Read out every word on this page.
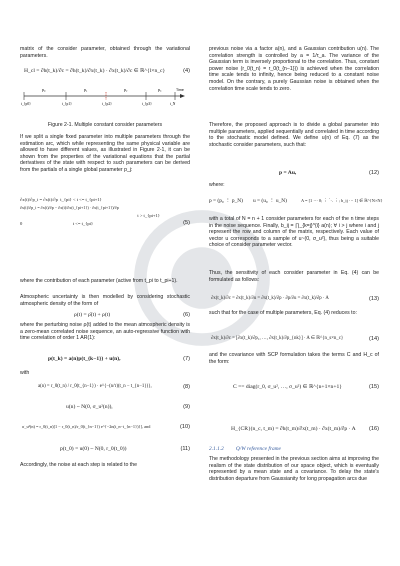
matrix of the consider parameter, obtained through the variational parameters.
H_cl = ∂h(t_k)/∂c = ∂h(t_k)/∂x(t_k) · ∂x(t_k)/∂c ∈ ℝ^{l×n_c}	(4)
p₀	p₁	p₂	p₃
t_{p0}	t_{p1}	t_{p2}	t_{p3}	t_N
Time
Figure 2-1. Multiple constant consider parameters
If we split a single fixed parameter into multiple parameters through the estimation arc, which while representing the same physical variable are allowed to have different values, as illustrated in Figure 2-1, it can be shown from the properties of the variational equations that the partial derivatives of the state with respect to such parameters can be derived from the partials of a single global parameter p_j:
∂x(t)/∂p_i = ∂x(t)/∂p t_{pi} < t <= t_{pi+1}
∂x(t)/∂p_i = ∂x(t)/∂p − ∂x(t)/∂x(t_{pi+1}) · ∂x(t_{pi+1})/∂p
t > t_{pi+1}
0	t <= t_{pi}	(5)
where the contribution of each parameter (active from t_pi to t_pi+1).
Atmospheric uncertainty is then modelled by considering stochastic atmospheric density of the form of
ρ(t) = ρ̄(t) + ρ(t)	(6)
where the perturbing noise ρ(t) added to the mean atmospheric density is a zero-mean correlated noise sequence, an auto-regressive function with time correlation of order 1 AR(1):
p(t_k) = a(n)p(t_{k−1}) + u(n),	(7)
with
a(n) = r_0(t_n) / r_0(t_{n−1}) · e^{−(n/τ)(t_n − t_{n−1})},	(8)
u(n) ~ N(0, σ_u²(n)),	(9)
σ_u²(n) = r_0(t_n)[1 − r_0(t_n)/r_0(t_{n−1}) e^{−2n(t_n−t_{n−1})}], and	(10)
p(t_0) = u(0) ~ N(0, r_0(t_0))	(11)
Accordingly, the noise at each step is related to the
previous noise via a factor a(n), and a Gaussian contribution u(n). The correlation strength is controlled by a = 1/τ_a. The variance of the Gaussian term is inversely proportional to the correlation. Thus, constant power noise (r_0(t_n) = r_0(t_{n−1})) is achieved when the correlation time scale tends to infinity, hence being reduced to a constant noise model. On the contrary, a purely Gaussian noise is obtained when the correlation time scale tends to zero.
Therefore, the proposed approach is to divide a global parameter into multiple parameters, applied sequentially and correlated in time according to the stochastic model defined. We define u(n) of Eq. (7) as the stochastic consider parameters, such that:
p = Au,	(12)
where:
p = (p₀ ⋮ p_N) u = (u₀ ⋮ u_N)	A = [1 ⋯ 0; ⋮ ⋱ ⋮; b_ij ⋯ 1] ∈ ℝ^{N×N}
with a total of N = n + 1 consider parameters for each of the n time steps in the noise sequence. Finally, b_ij = ∏_{k=j}^{i} a(n); ∀ i > j where i and j represent the row and column of the matrix, respectively. Each value of vector u corresponds to a sample of u~(0, σ_u²), thus being a suitable choice of consider parameter vector.
Thus, the sensitivity of each consider parameter in Eq. (4) can be formulated as follows:
∂x(t_k)/∂c = ∂x(t_k)/∂u = ∂x(t_k)/∂p · ∂p/∂u = ∂x(t_k)/∂p · A	(13)
such that for the case of multiple parameters, Eq. (4) reduces to:
∂x(t_k)/∂c = [∂x(t_k)/∂p₁, …, ∂x(t_k)/∂p_{nk}] · A ∈ ℝ^{n_s×n_c}	(14)
and the covariance with SCP formulation takes the terms C and H_c of the form:
C == diag(r_0, σ_u², …, σ_u²) ∈ ℝ^{n+1×n+1}	(15)
H_{CR}(n_c, t_m) = ∂h(t_m)/∂x(t_m) · ∂x(t_m)/∂p · A (16)
2.1.1.2 Q/W reference frame
The methodology presented in the previous section aims at improving the realism of the state distribution of our space object, which is eventually represented by a mean state and a covariance. To delay the state's distribution departure from Gaussianity for long propagation arcs due
